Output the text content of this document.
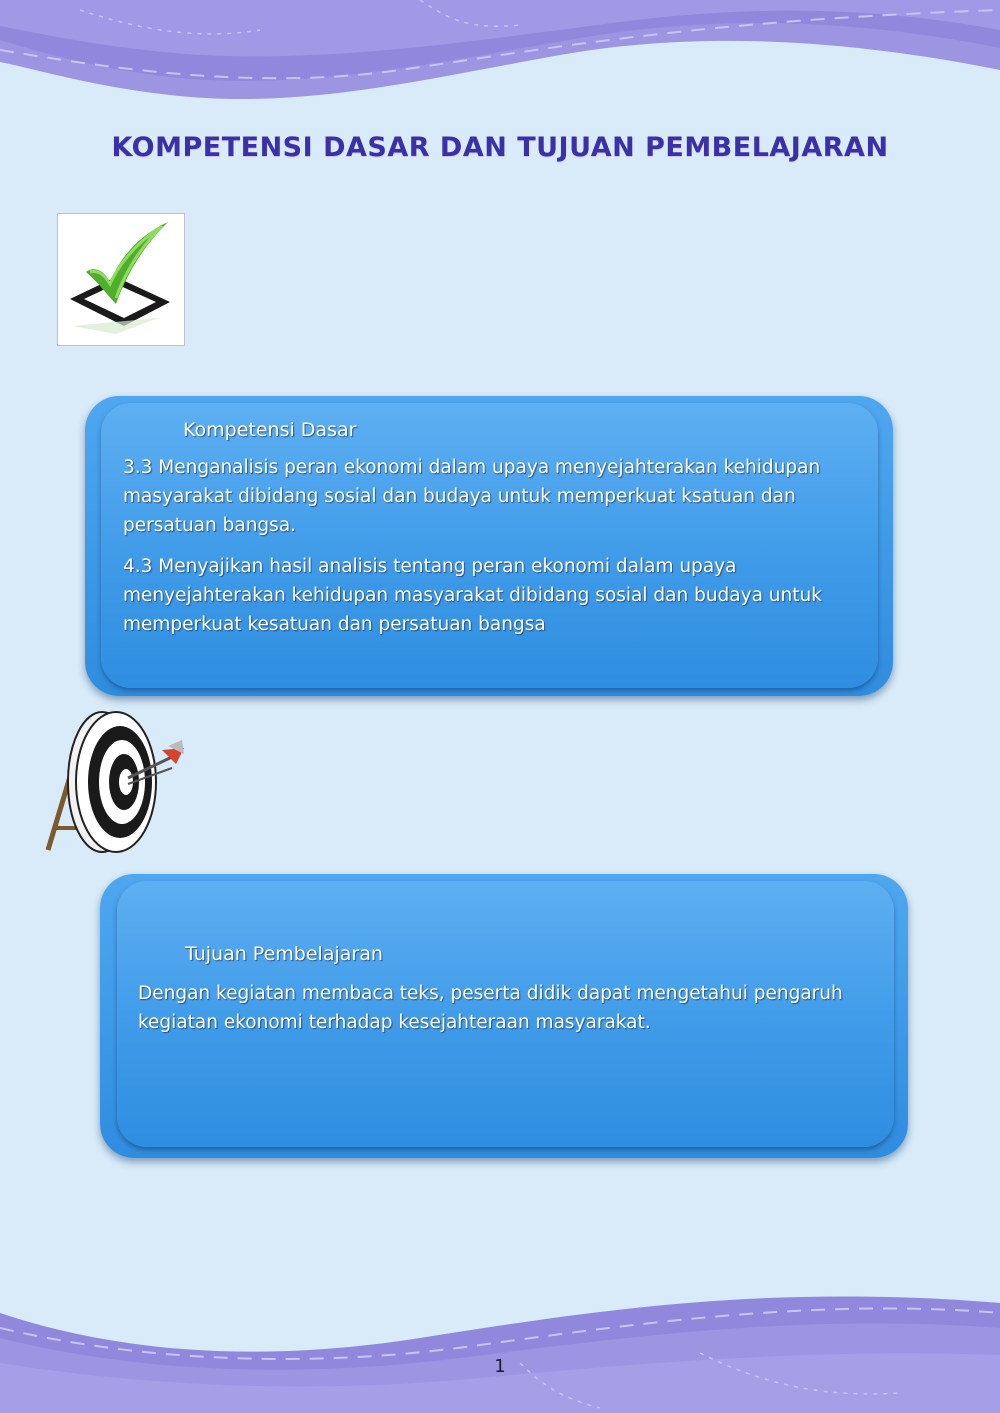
KOMPETENSI DASAR DAN TUJUAN PEMBELAJARAN

Kompetensi Dasar

3.3 Menganalisis peran ekonomi dalam upaya menyejahterakan kehidupan masyarakat dibidang sosial dan budaya untuk memperkuat ksatuan dan persatuan bangsa.

4.3 Menyajikan hasil analisis tentang peran ekonomi dalam upaya menyejahterakan kehidupan masyarakat dibidang sosial dan budaya untuk memperkuat kesatuan dan persatuan bangsa

Tujuan Pembelajaran

Dengan kegiatan membaca teks, peserta didik dapat mengetahui pengaruh kegiatan ekonomi terhadap kesejahteraan masyarakat.

1
